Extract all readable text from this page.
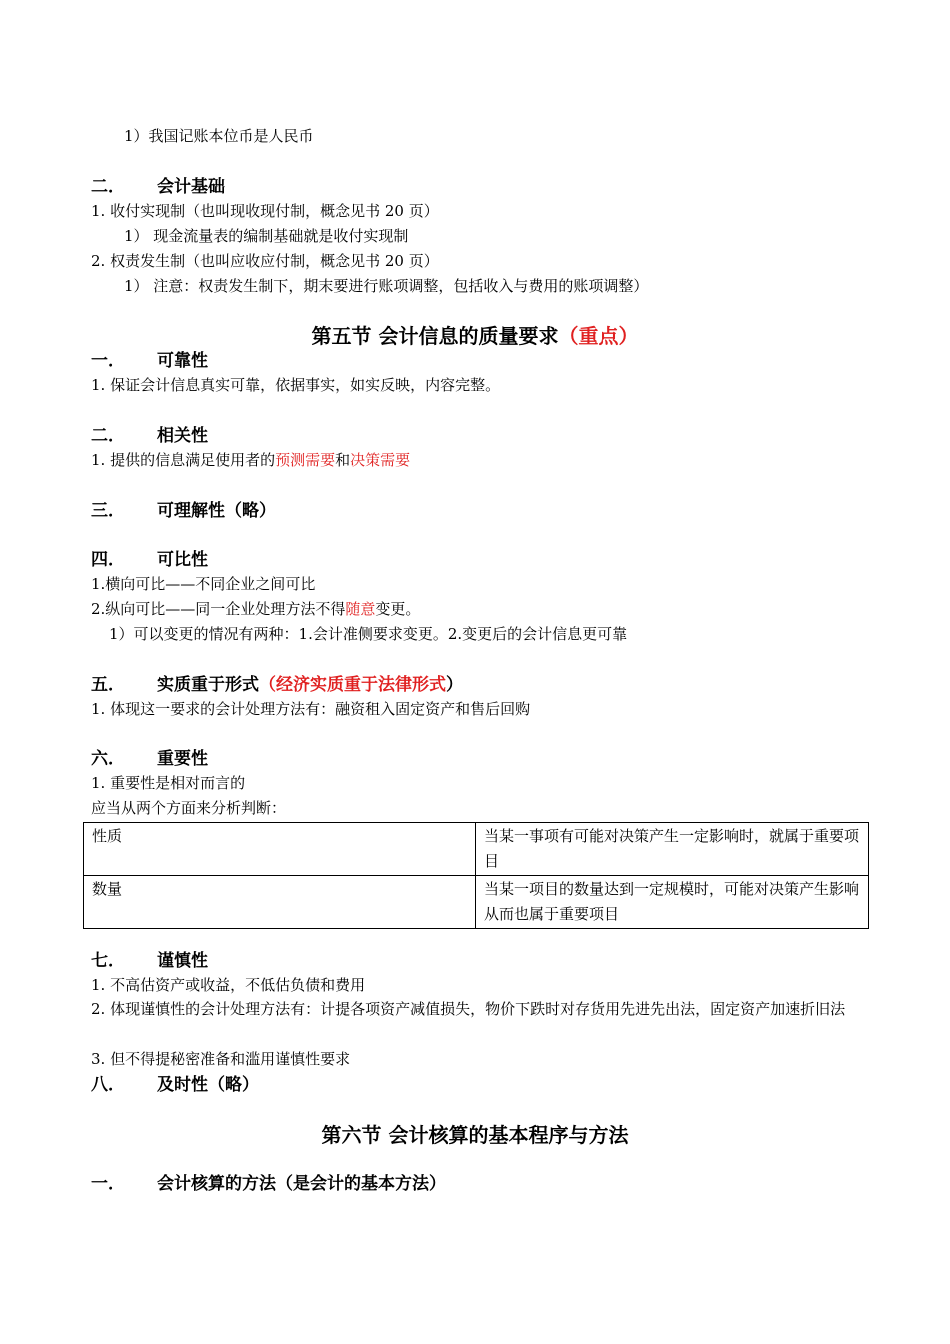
1）我国记账本位币是人民币
二． 会计基础
1. 收付实现制（也叫现收现付制，概念见书 20 页）
1） 现金流量表的编制基础就是收付实现制
2. 权责发生制（也叫应收应付制，概念见书 20 页）
1） 注意：权责发生制下，期末要进行账项调整，包括收入与费用的账项调整）
第五节 会计信息的质量要求（重点）
一． 可靠性
1. 保证会计信息真实可靠，依据事实，如实反映，内容完整。
二． 相关性
1. 提供的信息满足使用者的预测需要和决策需要
三． 可理解性（略）
四． 可比性
1.横向可比——不同企业之间可比
2.纵向可比——同一企业处理方法不得随意变更。
1）可以变更的情况有两种：1.会计准侧要求变更。2.变更后的会计信息更可靠
五． 实质重于形式（经济实质重于法律形式）
1. 体现这一要求的会计处理方法有：融资租入固定资产和售后回购
六． 重要性
1. 重要性是相对而言的
应当从两个方面来分析判断：
性质	当某一事项有可能对决策产生一定影响时，就属于重要项目
数量	当某一项目的数量达到一定规模时，可能对决策产生影响从而也属于重要项目
七． 谨慎性
1. 不高估资产或收益，不低估负债和费用
2. 体现谨慎性的会计处理方法有：计提各项资产减值损失，物价下跌时对存货用先进先出法，固定资产加速折旧法
3. 但不得提秘密准备和滥用谨慎性要求
八． 及时性（略）
第六节 会计核算的基本程序与方法
一． 会计核算的方法（是会计的基本方法）
